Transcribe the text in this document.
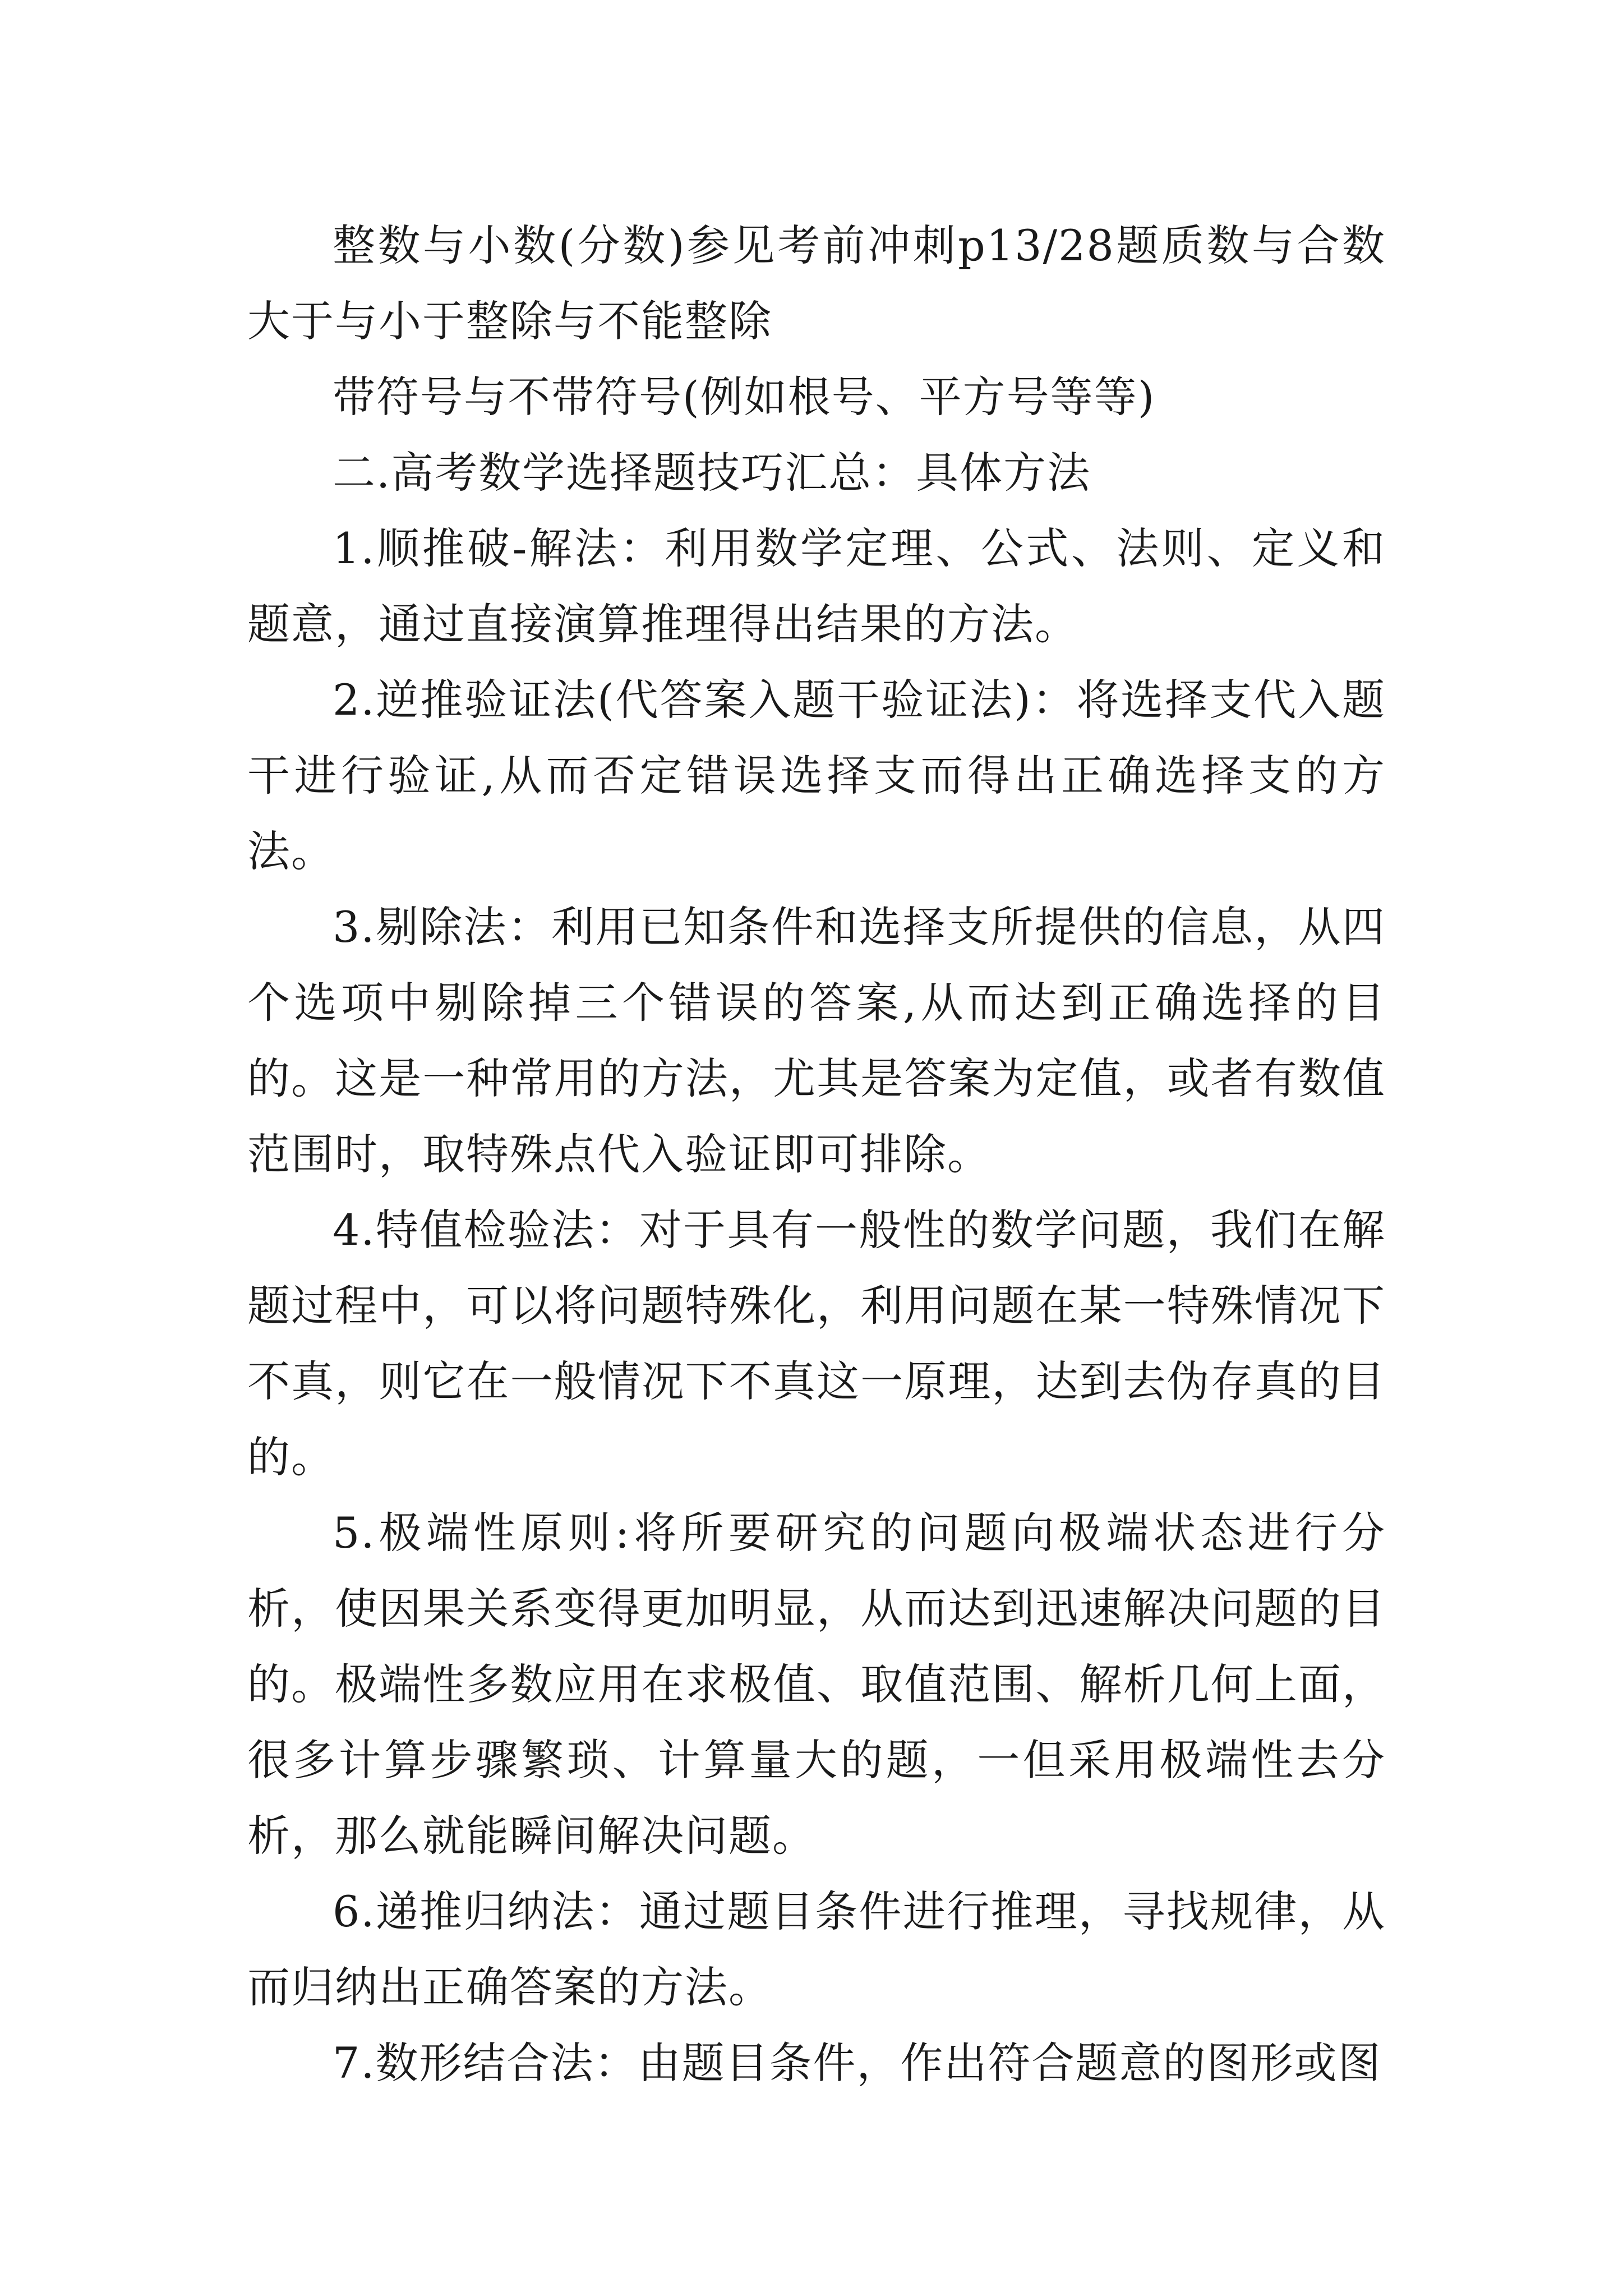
整数与小数(分数)参见考前冲刺p13/28题质数与合数大于与小于整除与不能整除

带符号与不带符号(例如根号、平方号等等)

二.高考数学选择题技巧汇总：具体方法

1.顺推破-解法：利用数学定理、公式、法则、定义和题意，通过直接演算推理得出结果的方法。

2.逆推验证法(代答案入题干验证法)：将选择支代入题干进行验证,从而否定错误选择支而得出正确选择支的方法。

3.剔除法：利用已知条件和选择支所提供的信息，从四个选项中剔除掉三个错误的答案,从而达到正确选择的目的。这是一种常用的方法，尤其是答案为定值，或者有数值范围时，取特殊点代入验证即可排除。

4.特值检验法：对于具有一般性的数学问题，我们在解题过程中，可以将问题特殊化，利用问题在某一特殊情况下不真，则它在一般情况下不真这一原理，达到去伪存真的目的。

5.极端性原则:将所要研究的问题向极端状态进行分析，使因果关系变得更加明显，从而达到迅速解决问题的目的。极端性多数应用在求极值、取值范围、解析几何上面，很多计算步骤繁琐、计算量大的题，一但采用极端性去分析，那么就能瞬间解决问题。

6.递推归纳法：通过题目条件进行推理，寻找规律，从而归纳出正确答案的方法。

7.数形结合法：由题目条件，作出符合题意的图形或图
